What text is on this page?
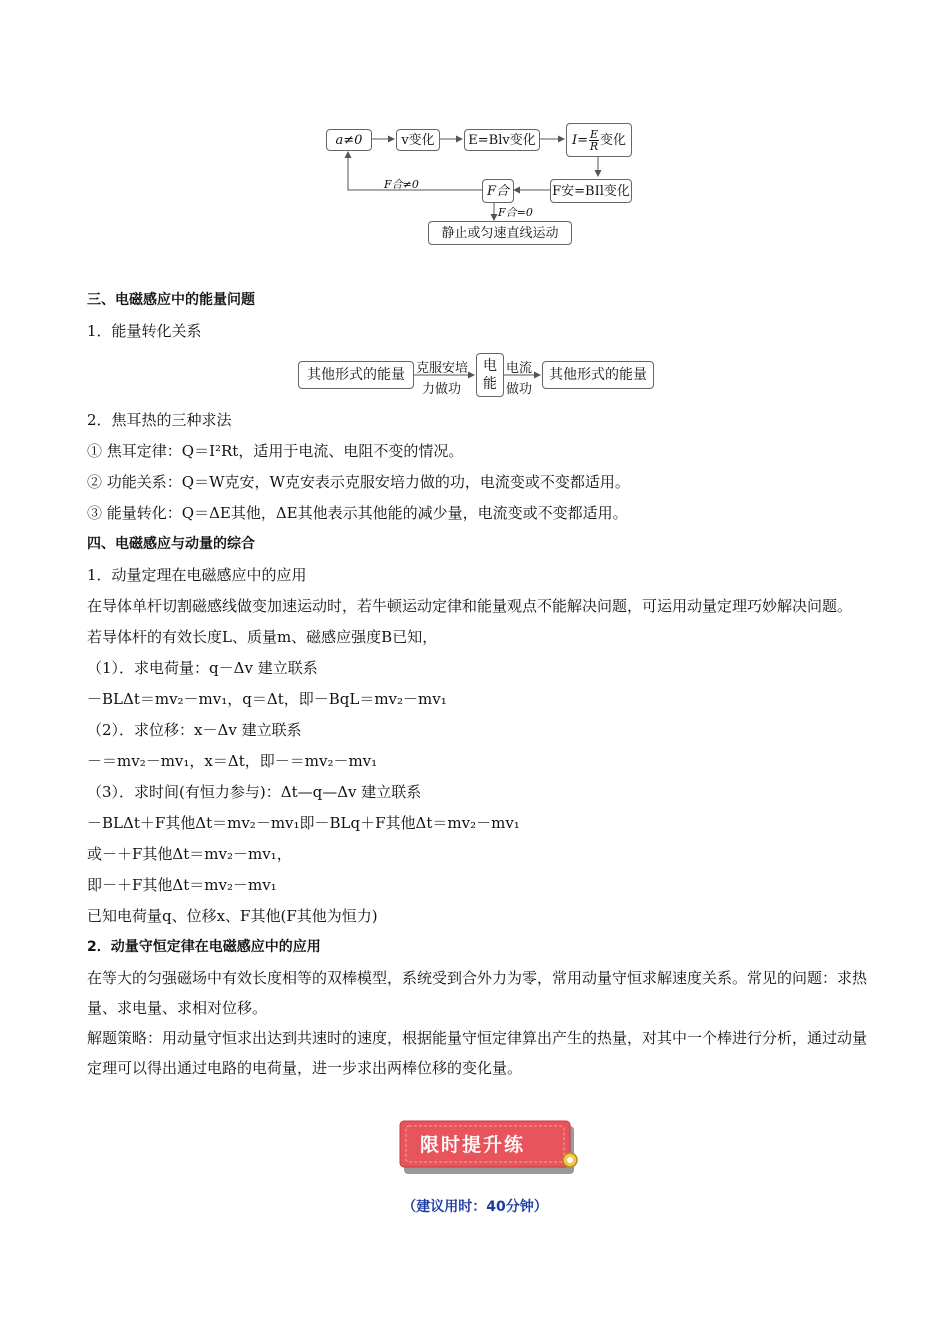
a≠0	v变化	E=Blv变化	$I= \frac{E}{R}$ 变化
F安=BIl变化
F合
F合≠0
F合=0
静止或匀速直线运动
其他形式的能量 克服安培
力做功
电
能
电流
做功
其他形式的能量
三、电磁感应中的能量问题
1．能量转化关系
2．焦耳热的三种求法
① 焦耳定律：Q＝I²Rt，适用于电流、电阻不变的情况。
② 功能关系：Q＝W克安，W克安表示克服安培力做的功，电流变或不变都适用。
③ 能量转化：Q＝ΔE其他，ΔE其他表示其他能的减少量，电流变或不变都适用。
四、电磁感应与动量的综合
1．动量定理在电磁感应中的应用
在导体单杆切割磁感线做变加速运动时，若牛顿运动定律和能量观点不能解决问题，可运用动量定理巧妙解决问题。
若导体杆的有效长度L、质量m、磁感应强度B已知，
（1）．求电荷量：q－Δv 建立联系
－BLΔt＝mv₂－mv₁，q＝Δt，即－BqL＝mv₂－mv₁
（2）．求位移：x－Δv 建立联系
－＝mv₂－mv₁，x＝Δt，即－＝mv₂－mv₁
（3）．求时间(有恒力参与)：Δt—q—Δv 建立联系
－BLΔt＋F其他Δt＝mv₂－mv₁即－BLq＋F其他Δt＝mv₂－mv₁
或－＋F其他Δt＝mv₂－mv₁，
即－＋F其他Δt＝mv₂－mv₁
已知电荷量q、位移x、F其他(F其他为恒力)
2．动量守恒定律在电磁感应中的应用
在等大的匀强磁场中有效长度相等的双棒模型，系统受到合外力为零，常用动量守恒求解速度关系。常见的问题：求热量、求电量、求相对位移。
解题策略：用动量守恒求出达到共速时的速度，根据能量守恒定律算出产生的热量，对其中一个棒进行分析，通过动量定理可以得出通过电路的电荷量，进一步求出两棒位移的变化量。
限时提升练
（建议用时：40分钟）
